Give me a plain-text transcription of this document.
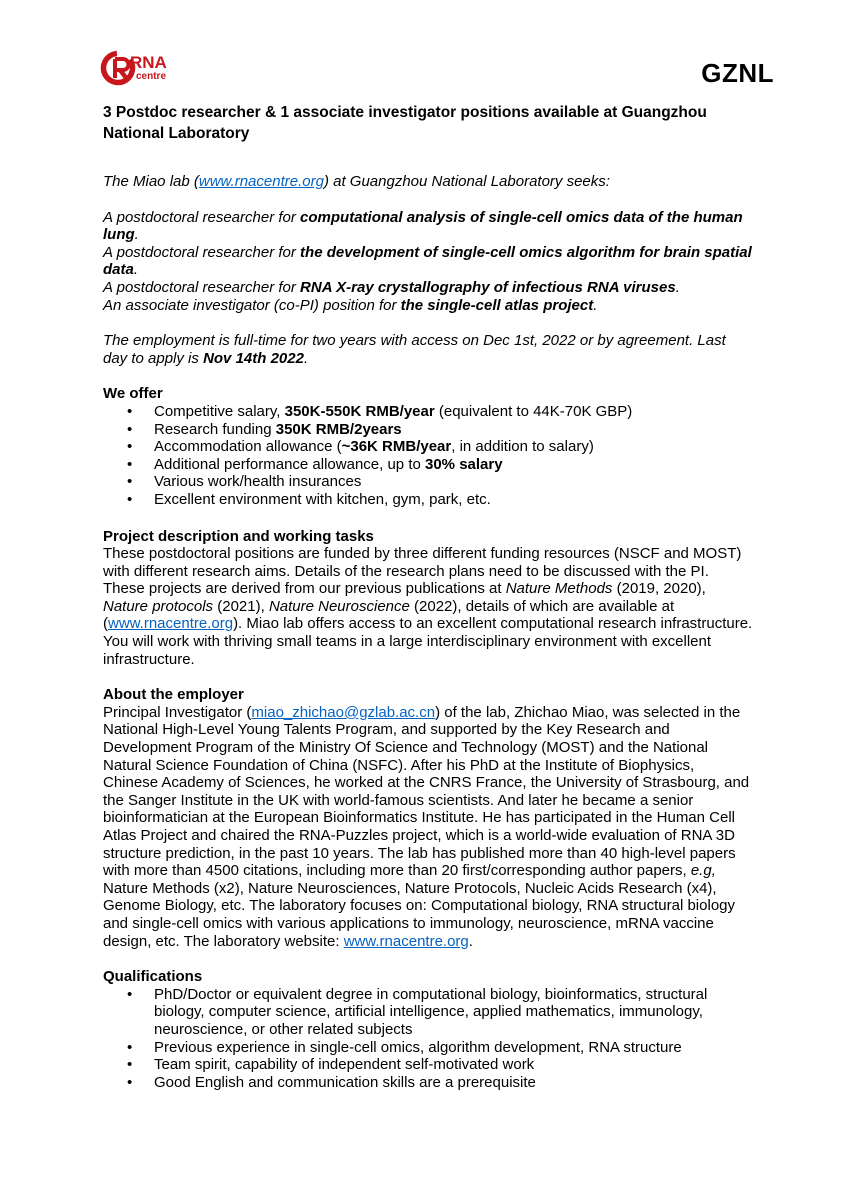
RNA
centre	GZNL
3 Postdoc researcher & 1 associate investigator positions available at Guangzhou National Laboratory

The Miao lab (www.rnacentre.org) at Guangzhou National Laboratory seeks:

A postdoctoral researcher for computational analysis of single-cell omics data of the human lung.

A postdoctoral researcher for the development of single-cell omics algorithm for brain spatial data.

A postdoctoral researcher for RNA X-ray crystallography of infectious RNA viruses.

An associate investigator (co-PI) position for the single-cell atlas project.

The employment is full-time for two years with access on Dec 1st, 2022 or by agreement. Last day to apply is Nov 14th 2022.

We offer
• Competitive salary, 350K-550K RMB/year (equivalent to 44K-70K GBP)
• Research funding 350K RMB/2years
• Accommodation allowance (~36K RMB/year, in addition to salary)
• Additional performance allowance, up to 30% salary
• Various work/health insurances
• Excellent environment with kitchen, gym, park, etc.
Project description and working tasks

These postdoctoral positions are funded by three different funding resources (NSCF and MOST) with different research aims. Details of the research plans need to be discussed with the PI. These projects are derived from our previous publications at Nature Methods (2019, 2020), Nature protocols (2021), Nature Neuroscience (2022), details of which are available at (www.rnacentre.org). Miao lab offers access to an excellent computational research infrastructure. You will work with thriving small teams in a large interdisciplinary environment with excellent infrastructure.

About the employer

Principal Investigator (miao_zhichao@gzlab.ac.cn) of the lab, Zhichao Miao, was selected in the National High-Level Young Talents Program, and supported by the Key Research and Development Program of the Ministry Of Science and Technology (MOST) and the National Natural Science Foundation of China (NSFC). After his PhD at the Institute of Biophysics, Chinese Academy of Sciences, he worked at the CNRS France, the University of Strasbourg, and the Sanger Institute in the UK with world-famous scientists. And later he became a senior bioinformatician at the European Bioinformatics Institute. He has participated in the Human Cell Atlas Project and chaired the RNA-Puzzles project, which is a world-wide evaluation of RNA 3D structure prediction, in the past 10 years. The lab has published more than 40 high-level papers with more than 4500 citations, including more than 20 first/corresponding author papers, e.g, Nature Methods (x2), Nature Neurosciences, Nature Protocols, Nucleic Acids Research (x4), Genome Biology, etc. The laboratory focuses on: Computational biology, RNA structural biology and single-cell omics with various applications to immunology, neuroscience, mRNA vaccine design, etc. The laboratory website: www.rnacentre.org.

Qualifications
• PhD/Doctor or equivalent degree in computational biology, bioinformatics, structural biology, computer science, artificial intelligence, applied mathematics, immunology, neuroscience, or other related subjects
• Previous experience in single-cell omics, algorithm development, RNA structure
• Team spirit, capability of independent self-motivated work
• Good English and communication skills are a prerequisite
